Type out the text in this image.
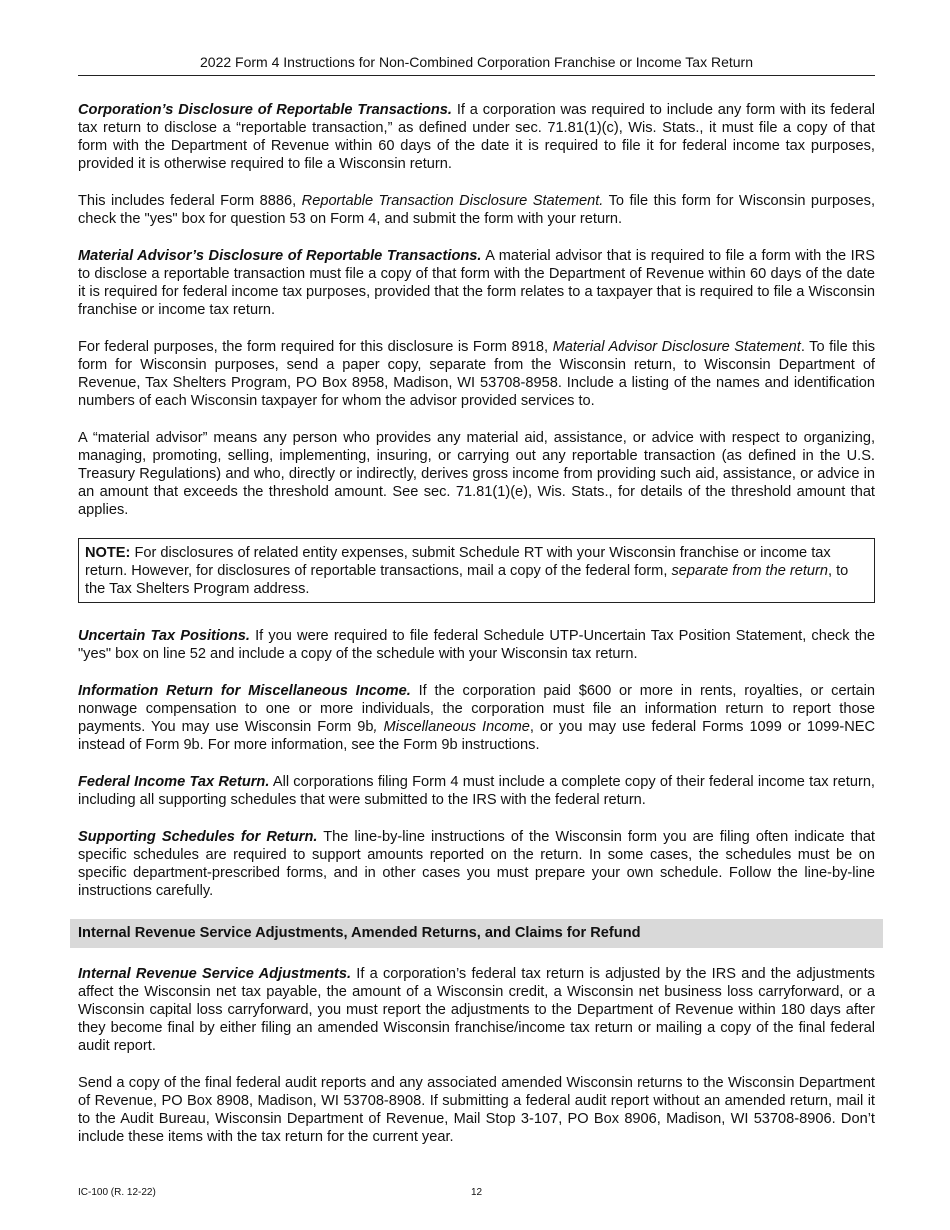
2022 Form 4 Instructions for Non-Combined Corporation Franchise or Income Tax Return

Corporation’s Disclosure of Reportable Transactions. If a corporation was required to include any form with its federal tax return to disclose a “reportable transaction,” as defined under sec. 71.81(1)(c), Wis. Stats., it must file a copy of that form with the Department of Revenue within 60 days of the date it is required to file it for federal income tax purposes, provided it is otherwise required to file a Wisconsin return.

This includes federal Form 8886, Reportable Transaction Disclosure Statement. To file this form for Wisconsin purposes, check the "yes" box for question 53 on Form 4, and submit the form with your return.

Material Advisor’s Disclosure of Reportable Transactions. A material advisor that is required to file a form with the IRS to disclose a reportable transaction must file a copy of that form with the Department of Revenue within 60 days of the date it is required for federal income tax purposes, provided that the form relates to a taxpayer that is required to file a Wisconsin franchise or income tax return.

For federal purposes, the form required for this disclosure is Form 8918, Material Advisor Disclosure Statement. To file this form for Wisconsin purposes, send a paper copy, separate from the Wisconsin return, to Wisconsin Department of Revenue, Tax Shelters Program, PO Box 8958, Madison, WI 53708-8958. Include a listing of the names and identification numbers of each Wisconsin taxpayer for whom the advisor provided services to.

A “material advisor” means any person who provides any material aid, assistance, or advice with respect to organizing, managing, promoting, selling, implementing, insuring, or carrying out any reportable transaction (as defined in the U.S. Treasury Regulations) and who, directly or indirectly, derives gross income from providing such aid, assistance, or advice in an amount that exceeds the threshold amount. See sec. 71.81(1)(e), Wis. Stats., for details of the threshold amount that applies.

NOTE: For disclosures of related entity expenses, submit Schedule RT with your Wisconsin franchise or income tax return. However, for disclosures of reportable transactions, mail a copy of the federal form, separate from the return, to the Tax Shelters Program address.

Uncertain Tax Positions. If you were required to file federal Schedule UTP-Uncertain Tax Position Statement, check the "yes" box on line 52 and include a copy of the schedule with your Wisconsin tax return.

Information Return for Miscellaneous Income. If the corporation paid $600 or more in rents, royalties, or certain nonwage compensation to one or more individuals, the corporation must file an information return to report those payments. You may use Wisconsin Form 9b, Miscellaneous Income, or you may use federal Forms 1099 or 1099-NEC instead of Form 9b. For more information, see the Form 9b instructions.

Federal Income Tax Return. All corporations filing Form 4 must include a complete copy of their federal income tax return, including all supporting schedules that were submitted to the IRS with the federal return.

Supporting Schedules for Return. The line-by-line instructions of the Wisconsin form you are filing often indicate that specific schedules are required to support amounts reported on the return. In some cases, the schedules must be on specific department-prescribed forms, and in other cases you must prepare your own schedule. Follow the line-by-line instructions carefully.

Internal Revenue Service Adjustments, Amended Returns, and Claims for Refund

Internal Revenue Service Adjustments. If a corporation’s federal tax return is adjusted by the IRS and the adjustments affect the Wisconsin net tax payable, the amount of a Wisconsin credit, a Wisconsin net business loss carryforward, or a Wisconsin capital loss carryforward, you must report the adjustments to the Department of Revenue within 180 days after they become final by either filing an amended Wisconsin franchise/income tax return or mailing a copy of the final federal audit report.

Send a copy of the final federal audit reports and any associated amended Wisconsin returns to the Wisconsin Department of Revenue, PO Box 8908, Madison, WI 53708-8908. If submitting a federal audit report without an amended return, mail it to the Audit Bureau, Wisconsin Department of Revenue, Mail Stop 3-107, PO Box 8906, Madison, WI 53708-8906. Don’t include these items with the tax return for the current year.

IC-100 (R. 12-22)	12
